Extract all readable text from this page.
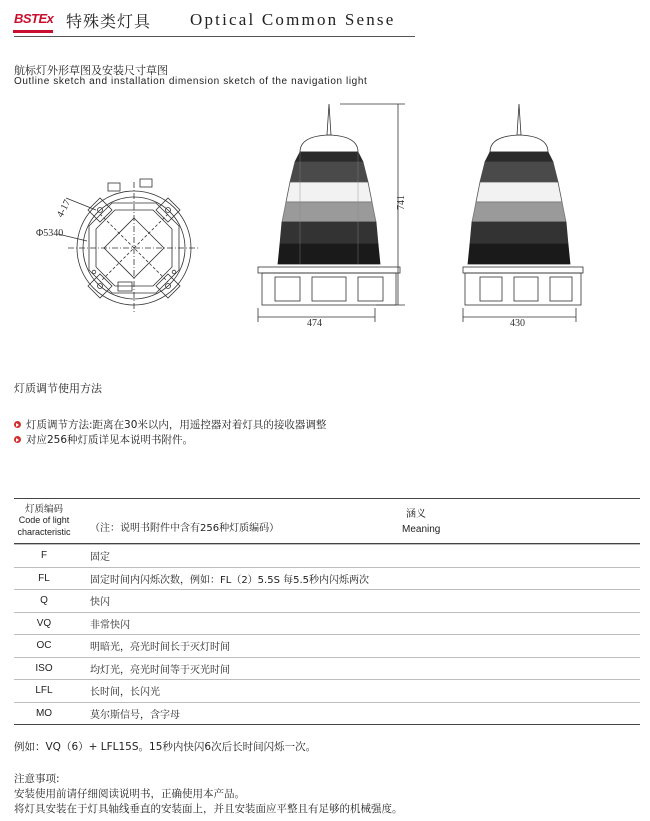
BSTEx 特殊类灯具 Optical Common Sense
航标灯外形草图及安装尺寸草图
Outline sketch and installation dimension sketch of the navigation light
4-17
Φ5340
741
474	430
灯质调节使用方法
灯质调节方法:距离在30米以内，用遥控器对着灯具的接收器调整
对应256种灯质详见本说明书附件。
灯质编码
Code of light
characteristic
涵义
（注：说明书附件中含有256种灯质编码）	Meaning
F	固定
FL	固定时间内闪烁次数，例如：FL（2）5.5S 每5.5秒内闪烁两次
Q	快闪
VQ	非常快闪
OC	明暗光，亮光时间长于灭灯时间
ISO	均灯光，亮光时间等于灭光时间
LFL	长时间，长闪光
MO	莫尔斯信号，含字母
例如：VQ（6）+ LFL15S。15秒内快闪6次后长时间闪烁一次。
注意事项:
安装使用前请仔细阅读说明书，正确使用本产品。
将灯具安装在于灯具轴线垂直的安装面上，并且安装面应平整且有足够的机械强度。
